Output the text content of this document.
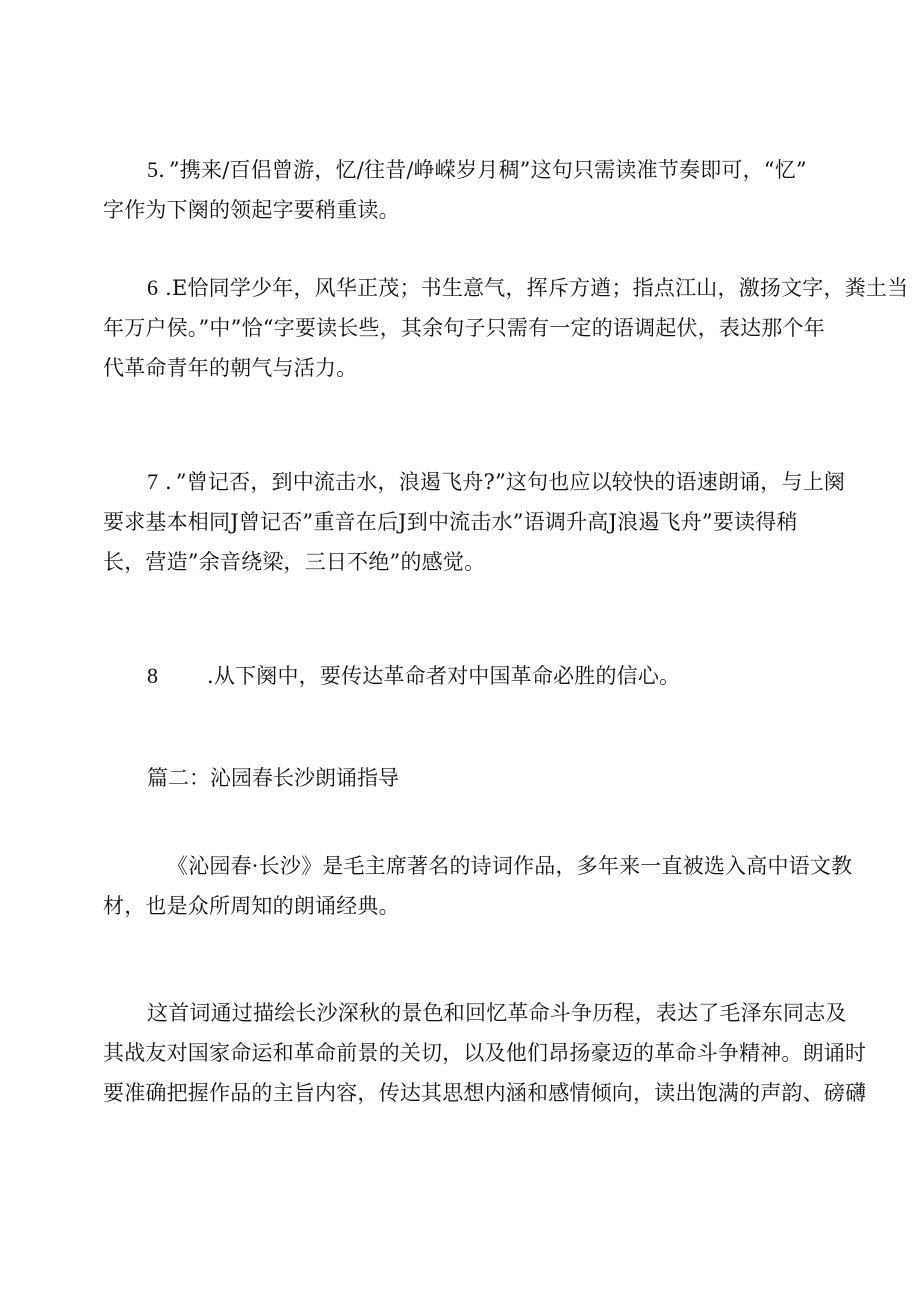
5．”携来/百侣曾游，忆/往昔/峥嵘岁月稠”这句只需读准节奏即可，“忆”
字作为下阕的领起字要稍重读。
6 .E恰同学少年，风华正茂；书生意气，挥斥方遒；指点江山，激扬文字，粪土当
年万户侯。”中”恰“字要读长些，其余句子只需有一定的语调起伏，表达那个年
代革命青年的朝气与活力。
7 ．”曾记否，到中流击水，浪遏飞舟?”这句也应以较快的语速朗诵，与上阕
要求基本相同J曾记否”重音在后J到中流击水”语调升高J浪遏飞舟”要读得稍
长，营造”余音绕梁，三日不绝”的感觉。
8 .从下阕中，要传达革命者对中国革命必胜的信心。
篇二：沁园春长沙朗诵指导
《沁园春·长沙》是毛主席著名的诗词作品，多年来一直被选入高中语文教
材，也是众所周知的朗诵经典。
这首词通过描绘长沙深秋的景色和回忆革命斗争历程，表达了毛泽东同志及
其战友对国家命运和革命前景的关切，以及他们昂扬豪迈的革命斗争精神。朗诵时
要准确把握作品的主旨内容，传达其思想内涵和感情倾向，读出饱满的声韵、磅礴
